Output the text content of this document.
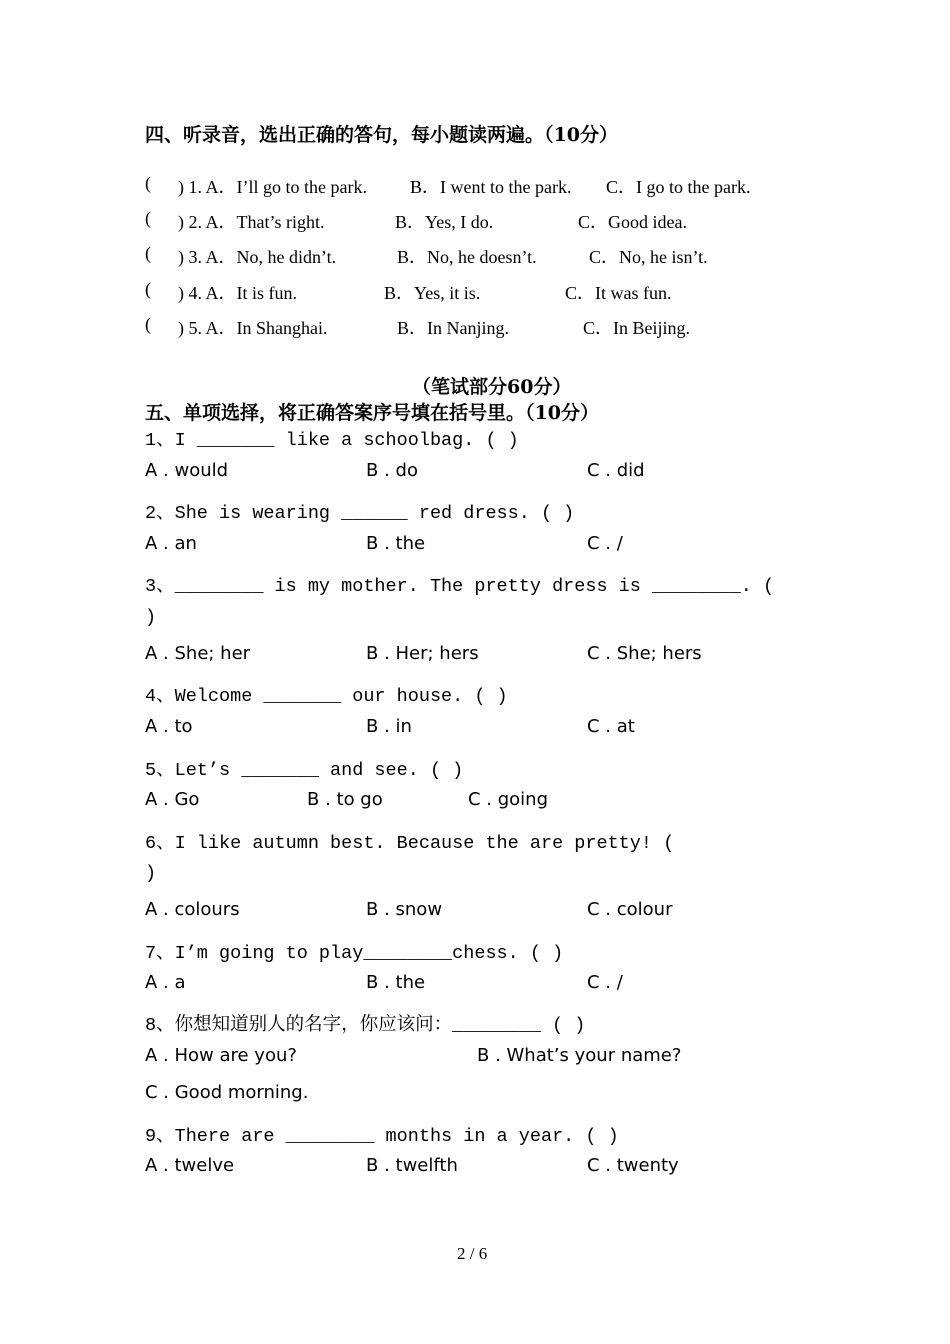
四、听录音，选出正确的答句，每小题读两遍。（10分）
( ) 1. A．I’ll go to the park. B．I went to the park. C．I go to the park.
( ) 2. A．That’s right.	B．Yes, I do.	C．Good idea.
( ) 3. A．No, he didn’t.	B．No, he doesn’t.	C．No, he isn’t.
( ) 4. A．It is fun.	B．Yes, it is.	C．It was fun.
( ) 5. A．In Shanghai.	B．In Nanjing.	C．In Beijing.
（笔试部分60分）
五、单项选择，将正确答案序号填在括号里。（10分）
1、I _______ like a schoolbag. ( )
A . would	B . do	C . did
2、She is wearing ______ red dress. ( )
A . an	B . the	C . /
3、________ is my mother. The pretty dress is ________. (
)
A . She; her	B . Her; hers	C . She; hers
4、Welcome _______ our house. ( )
A . to	B . in	C . at
5、Let’s _______ and see. ( )
A . Go	B . to go	C . going
6、I like autumn best. Because the are pretty! (
)
A . colours	B . snow	C . colour
7、I’m going to play________chess. ( )
A . a	B . the	C . /
8、你想知道别人的名字，你应该问：________ ( )
A . How are you?	B . What’s your name?
C . Good morning.
9、There are ________ months in a year. ( )
A . twelve	B . twelfth	C . twenty
2 / 6
